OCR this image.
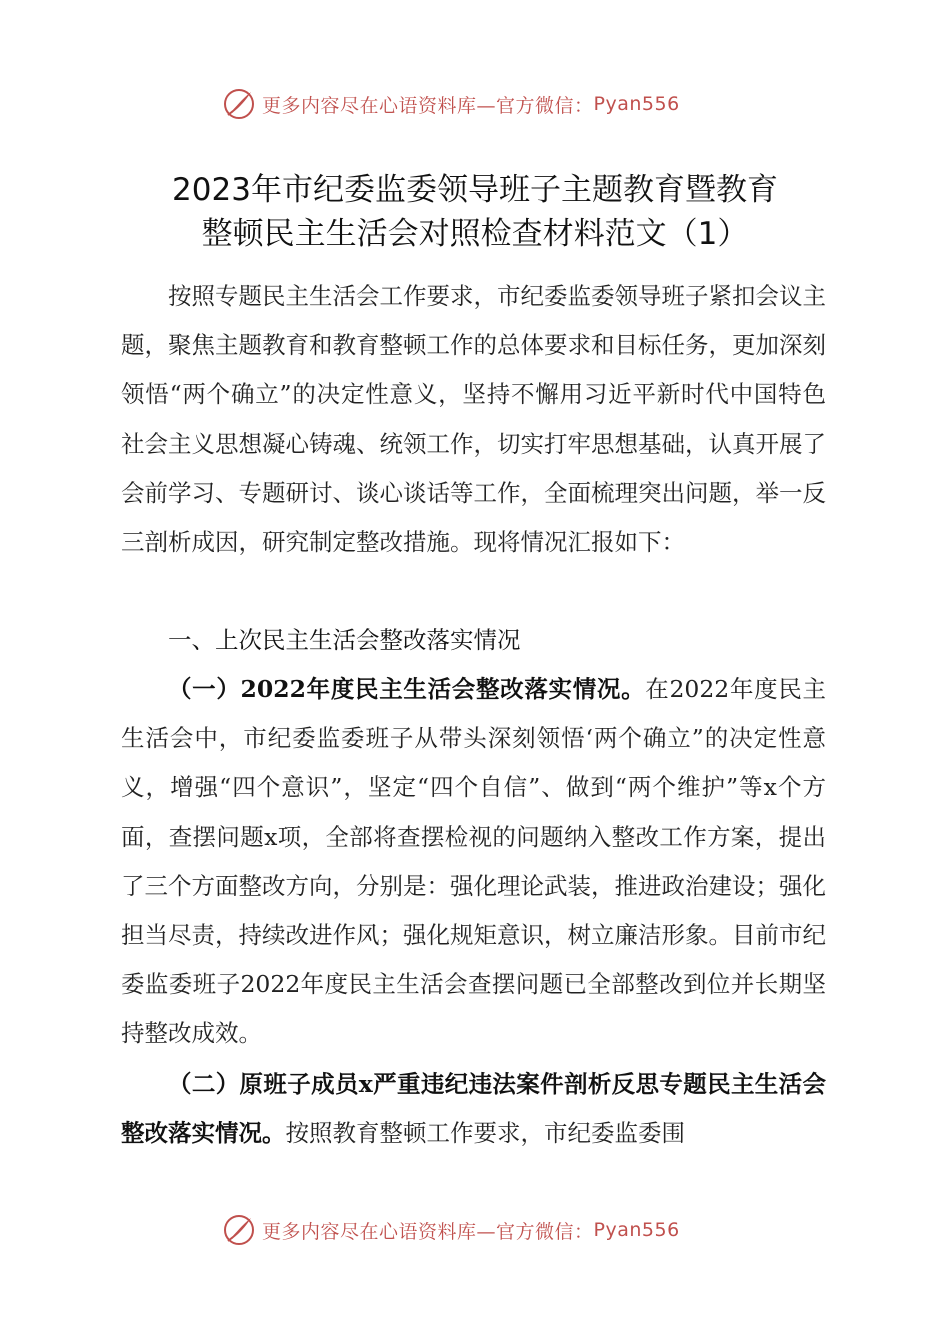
更多内容尽在心语资料库—官方微信： Pyan556
2023年市纪委监委领导班子主题教育暨教育
整顿民主生活会对照检查材料范文（1）

按照专题民主生活会工作要求，市纪委监委领导班子紧扣会议主题，聚焦主题教育和教育整顿工作的总体要求和目标任务，更加深刻领悟“两个确立”的决定性意义，坚持不懈用习近平新时代中国特色社会主义思想凝心铸魂、统领工作，切实打牢思想基础，认真开展了会前学习、专题研讨、谈心谈话等工作，全面梳理突出问题，举一反三剖析成因，研究制定整改措施。现将情况汇报如下：

一、上次民主生活会整改落实情况

（一）2022年度民主生活会整改落实情况。在2022年度民主生活会中，市纪委监委班子从带头深刻领悟‘两个确立”的决定性意义，增强“四个意识”，坚定“四个自信”、做到“两个维护”等x个方面，查摆问题x项，全部将查摆检视的问题纳入整改工作方案，提出了三个方面整改方向，分别是：强化理论武装，推进政治建设；强化担当尽责，持续改进作风；强化规矩意识，树立廉洁形象。目前市纪委监委班子2022年度民主生活会查摆问题已全部整改到位并长期坚持整改成效。

（二）原班子成员x严重违纪违法案件剖析反思专题民主生活会整改落实情况。按照教育整顿工作要求，市纪委监委围

更多内容尽在心语资料库—官方微信： Pyan556
